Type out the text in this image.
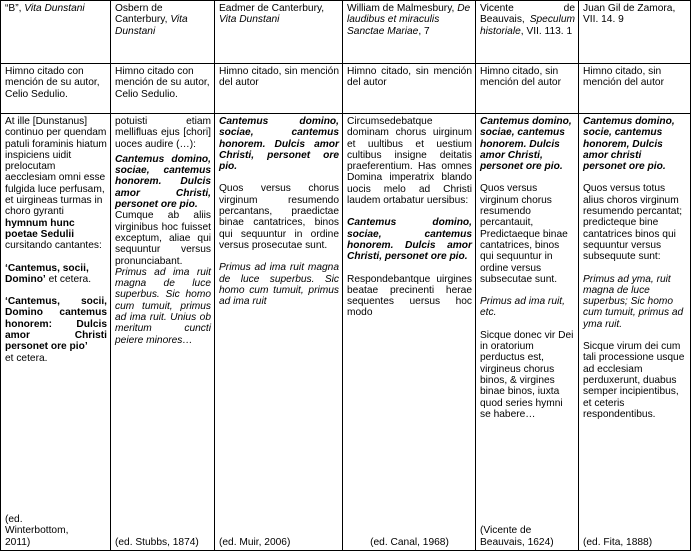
“B”, Vita Dunstani	Osbern de Canterbury, Vita Dunstani
Eadmer de Canterbury, Vita Dunstani
William de Malmesbury, De laudibus et miraculis Sanctae Mariae, 7
Vicente de Beauvais, Speculum historiale, VII. 113. 1
Juan Gil de Zamora, VII. 14. 9
Himno citado con mención de su autor, Celio Sedulio.
Himno citado con mención de su autor, Celio Sedulio.
Himno citado, sin mención del autor
Himno citado, sin mención del autor
Himno citado, sin mención del autor
Himno citado, sin mención del autor
At ille [Dunstanus] continuo per quendam patuli foraminis hiatum inspiciens uidit prelocutam aecclesiam omni esse fulgida luce perfusam, et uirgineas turmas in choro gyranti hymnum hunc poetae Sedulii cursitando cantantes:
‘Cantemus, socii, Domino’ et cetera.
‘Cantemus, socii, Domino cantemus honorem: Dulcis amor Christi personet ore pio’
et cetera.
(ed. Winterbottom, 2011)
potuisti etiam mellifluas ejus [chori] uoces audire (…):
Cantemus domino, sociae, cantemus honorem. Dulcis amor Christi, personet ore pio.
Cumque ab aliis virginibus hoc fuisset exceptum, aliae qui sequuntur versus pronunciabant.
Primus ad ima ruit magna de luce superbus. Sic homo cum tumuit, primus ad ima ruit. Unius ob meritum cuncti peiere minores…
(ed. Stubbs, 1874)
Cantemus domino, sociae, cantemus honorem. Dulcis amor Christi, personet ore pio.
Quos versus chorus virginum resumendo percantans, praedictae binae cantatrices, binos qui sequuntur in ordine versus prosecutae sunt.
Primus ad ima ruit magna de luce superbus. Sic homo cum tumuit, primus ad ima ruit
(ed. Muir, 2006)
Circumsedebatque dominam chorus uirginum et uultibus et uestium cultibus insigne deitatis praeferentium. Has omnes Domina imperatrix blando uocis melo ad Christi laudem ortabatur uersibus:
Cantemus domino, sociae, cantemus honorem. Dulcis amor Christi, personet ore pio.
Respondebantque uirgines beatae precinenti herae sequentes uersus hoc modo
(ed. Canal, 1968)
Cantemus domino, sociae, cantemus honorem. Dulcis amor Christi, personet ore pio.
Quos versus virginum chorus resumendo percantauit, Predictaeque binae cantatrices, binos qui sequuntur in ordine versus subsecutae sunt.
Primus ad ima ruit, etc.
Sicque donec vir Dei in oratorium perductus est, virgineus chorus binos, & virgines binae binos, iuxta quod series hymni se habere…
(Vicente de Beauvais, 1624)
Cantemus domino, socie, cantemus honorem, Dulcis amor christi personet ore pio.
Quos versus totus alius choros virginum resumendo percantat; predicteque bine cantatrices binos qui sequuntur versus subsequute sunt:
Primus ad yma, ruit magna de luce superbus; Sic homo cum tumuit, primus ad yma ruit.
Sicque virum dei cum tali processione usque ad ecclesiam perduxerunt, duabus semper incipientibus, et ceteris respondentibus.
(ed. Fita, 1888)
